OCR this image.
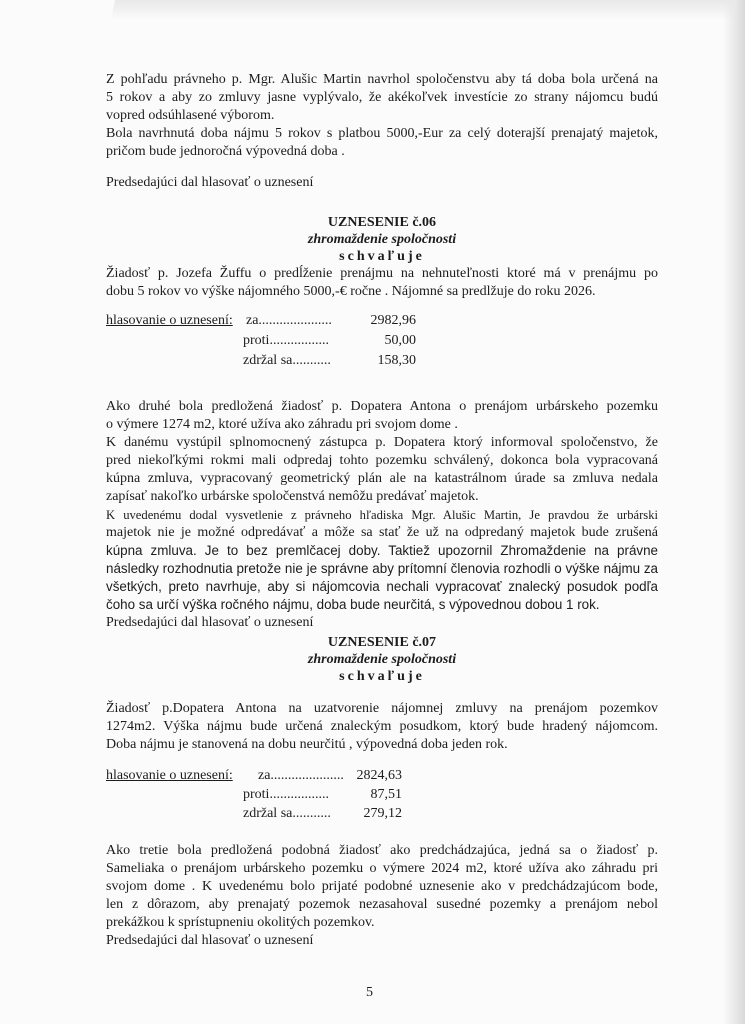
Z pohľadu právneho p. Mgr. Alušic Martin navrhol spoločenstvu aby tá doba bola určená na
5 rokov a aby zo zmluvy jasne vyplývalo, že akékoľvek investície zo strany nájomcu budú
vopred odsúhlasené výborom.
Bola navrhnutá doba nájmu 5 rokov s platbou 5000,-Eur za celý doterajší prenajatý majetok,
pričom bude jednoročná výpovedná doba .
Predsedajúci dal hlasovať o uznesení
UZNESENIE č.06
zhromaždenie spoločnosti
schvaľuje
Žiadosť p. Jozefa Žuffu o predĺženie prenájmu na nehnuteľnosti ktoré má v prenájmu po
dobu 5 rokov vo výške nájomného 5000,-€ ročne . Nájomné sa predlžuje do roku 2026.
hlasovanie o uznesení: za.....................	2982,96
proti.................	50,00
zdržal sa...........	158,30
Ako druhé bola predložená žiadosť p. Dopatera Antona o prenájom urbárskeho pozemku
o výmere 1274 m2, ktoré užíva ako záhradu pri svojom dome .
K danému vystúpil splnomocnený zástupca p. Dopatera ktorý informoval spoločenstvo, že
pred niekoľkými rokmi mali odpredaj tohto pozemku schválený, dokonca bola vypracovaná
kúpna zmluva, vypracovaný geometrický plán ale na katastrálnom úrade sa zmluva nedala
zapísať nakoľko urbárske spoločenstvá nemôžu predávať majetok.
K uvedenému dodal vysvetlenie z právneho hľadiska Mgr. Alušic Martin, Je pravdou že urbárski
majetok nie je možné odpredávať a môže sa stať že už na odpredaný majetok bude zrušená
kúpna zmluva. Je to bez premlčacej doby. Taktiež upozornil Zhromaždenie na právne
následky rozhodnutia pretože nie je správne aby prítomní členovia rozhodli o výške nájmu za
všetkých, preto navrhuje, aby si nájomcovia nechali vypracovať znalecký posudok podľa
čoho sa určí výška ročného nájmu, doba bude neurčitá, s výpovednou dobou 1 rok.
Predsedajúci dal hlasovať o uznesení
UZNESENIE č.07
zhromaždenie spoločnosti
schvaľuje
Žiadosť p.Dopatera Antona na uzatvorenie nájomnej zmluvy na prenájom pozemkov
1274m2. Výška nájmu bude určená znaleckým posudkom, ktorý bude hradený nájomcom.
Doba nájmu je stanovená na dobu neurčitú , výpovedná doba jeden rok.
hlasovanie o uznesení: za..................... 2824,63
proti.................	87,51
zdržal sa...........	279,12
Ako tretie bola predložená podobná žiadosť ako predchádzajúca, jedná sa o žiadosť p.
Sameliaka o prenájom urbárskeho pozemku o výmere 2024 m2, ktoré užíva ako záhradu pri
svojom dome . K uvedenému bolo prijaté podobné uznesenie ako v predchádzajúcom bode,
len z dôrazom, aby prenajatý pozemok nezasahoval susedné pozemky a prenájom nebol
prekážkou k sprístupneniu okolitých pozemkov.
Predsedajúci dal hlasovať o uznesení
5
